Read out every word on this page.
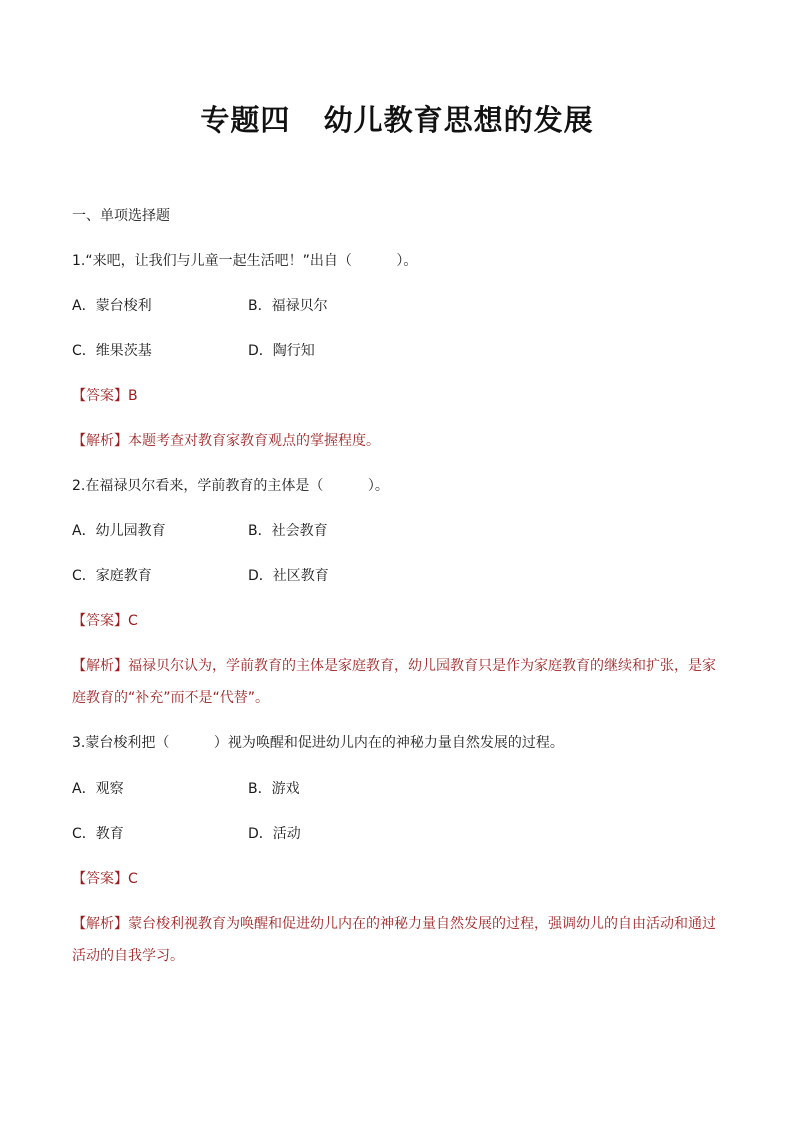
专题四   幼儿教育思想的发展
一、单项选择题
1.“来吧，让我们与儿童一起生活吧！”出自（          ）。
A．蒙台梭利	B．福禄贝尔
C．维果茨基	D．陶行知
【答案】B
【解析】本题考查对教育家教育观点的掌握程度。
2.在福禄贝尔看来，学前教育的主体是（          ）。
A．幼儿园教育	B．社会教育
C．家庭教育	D．社区教育
【答案】C
【解析】福禄贝尔认为，学前教育的主体是家庭教育，幼儿园教育只是作为家庭教育的继续和扩张，是家
庭教育的“补充”而不是“代替”。
3.蒙台梭利把（          ）视为唤醒和促进幼儿内在的神秘力量自然发展的过程。
A．观察	B．游戏
C．教育	D．活动
【答案】C
【解析】蒙台梭利视教育为唤醒和促进幼儿内在的神秘力量自然发展的过程，强调幼儿的自由活动和通过
活动的自我学习。
